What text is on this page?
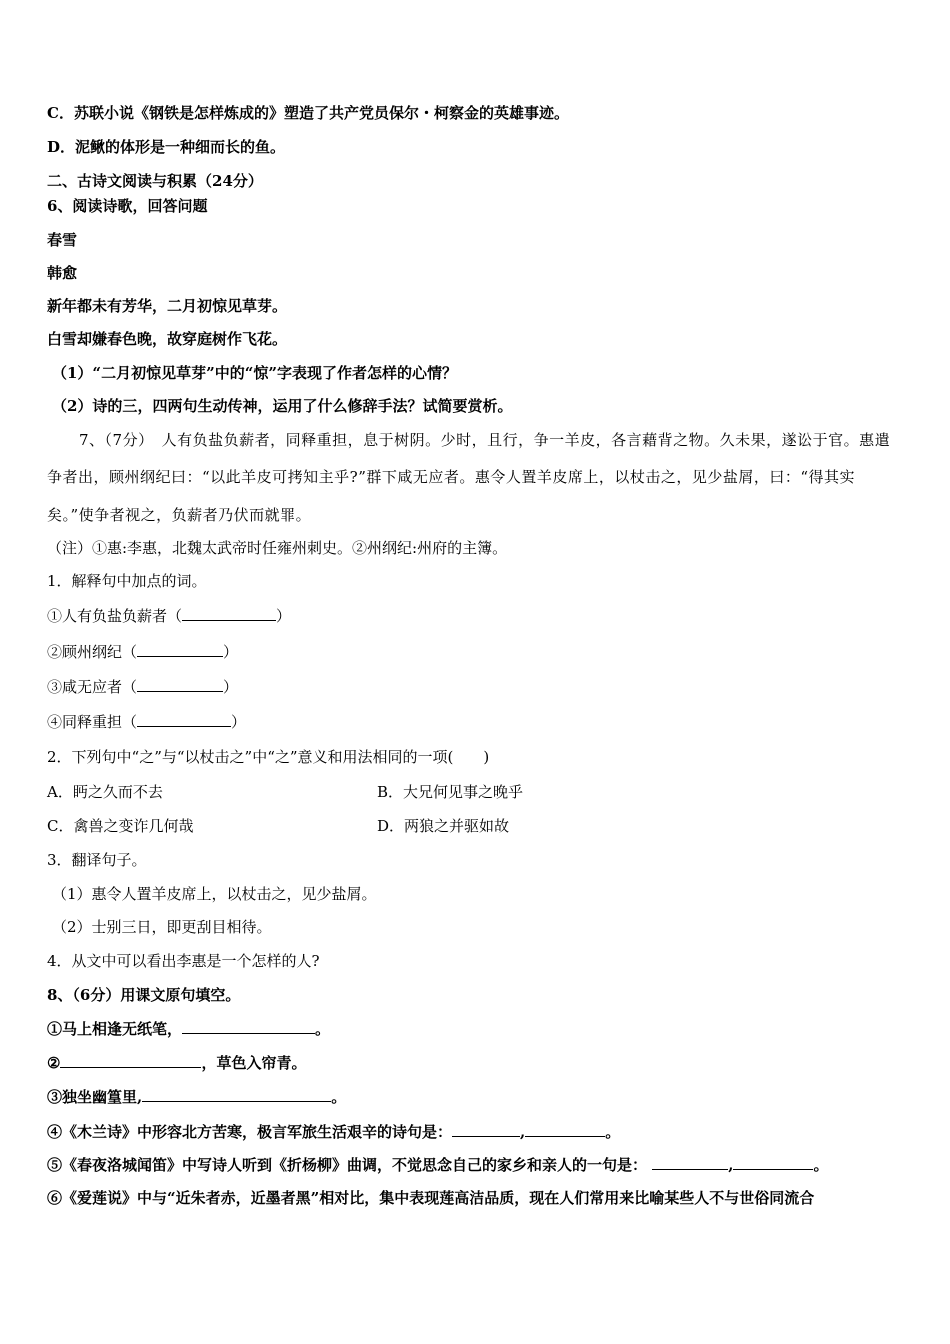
C．苏联小说《钢铁是怎样炼成的》塑造了共产党员保尔・柯察金的英雄事迹。
D．泥鳅的体形是一种细而长的鱼。
二、古诗文阅读与积累（24分）
6、阅读诗歌，回答问题
春雪
韩愈
新年都未有芳华，二月初惊见草芽。
白雪却嫌春色晚，故穿庭树作飞花。
（1）“二月初惊见草芽”中的“惊”字表现了作者怎样的心情？
（2）诗的三，四两句生动传神，运用了什么修辞手法？试简要赏析。
7、（7分）　人有负盐负薪者，同释重担，息于树阴。少时，且行，争一羊皮，各言藉背之物。久未果，遂讼于官。惠遣
争者出，顾州纲纪曰：“以此羊皮可拷知主乎?”群下咸无应者。惠令人置羊皮席上，以杖击之，见少盐屑，曰：“得其实
矣。”使争者视之，负薪者乃伏而就罪。
（注）①惠:李惠，北魏太武帝时任雍州刺史。②州纲纪:州府的主簿。
1．解释句中加点的词。
①人有负盐负薪者（	）
②顾州纲纪（	）
③咸无应者（	）
④同释重担（	）
2．下列句中“之”与“以杖击之”中“之”意义和用法相同的一项(　　)
A．眄之久而不去	B．大兄何见事之晚乎
C．禽兽之变诈几何哉	D．两狼之并驱如故
3．翻译句子。
（1）惠令人置羊皮席上，以杖击之，见少盐屑。
（2）士别三日，即更刮目相待。
4．从文中可以看出李惠是一个怎样的人?
8、（6分）用课文原句填空。
①马上相逢无纸笔，	。
②	，草色入帘青。
③独坐幽篁里,	。
④《木兰诗》中形容北方苦寒，极言军旅生活艰辛的诗句是：	,	。
⑤《春夜洛城闻笛》中写诗人听到《折杨柳》曲调，不觉思念自己的家乡和亲人的一句是：	,	。
⑥《爱莲说》中与“近朱者赤，近墨者黑”相对比，集中表现莲高洁品质，现在人们常用来比喻某些人不与世俗同流合
